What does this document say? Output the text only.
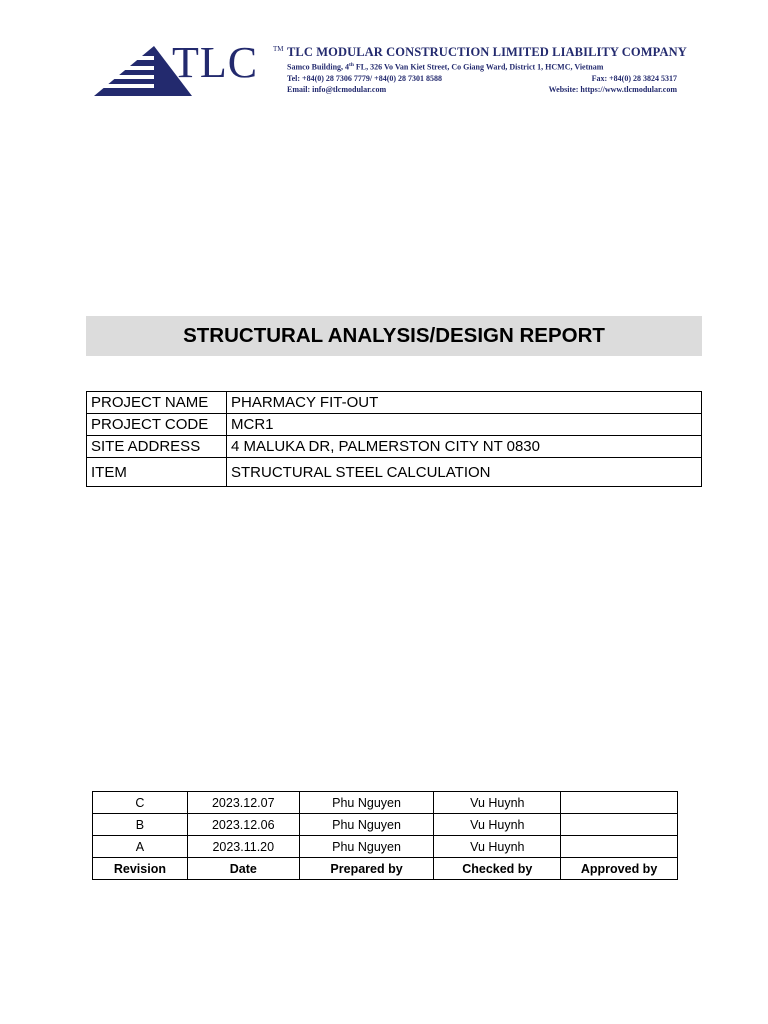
TLC TM TLC MODULAR CONSTRUCTION LIMITED LIABILITY COMPANY
Samco Building, 4th FL, 326 Vo Van Kiet Street, Co Giang Ward, District 1, HCMC, Vietnam
Tel: +84(0) 28 7306 7779/ +84(0) 28 7301 8588	Fax: +84(0) 28 3824 5317
Email: info@tlcmodular.com	Website: https://www.tlcmodular.com
STRUCTURAL ANALYSIS/DESIGN REPORT
PROJECT NAME	PHARMACY FIT-OUT
PROJECT CODE	MCR1
SITE ADDRESS	4 MALUKA DR, PALMERSTON CITY NT 0830
ITEM	STRUCTURAL STEEL CALCULATION
C	2023.12.07	Phu Nguyen	Vu Huynh	
B	2023.12.06	Phu Nguyen	Vu Huynh	
A	2023.11.20	Phu Nguyen	Vu Huynh	
Revision	Date	Prepared by	Checked by	Approved by
